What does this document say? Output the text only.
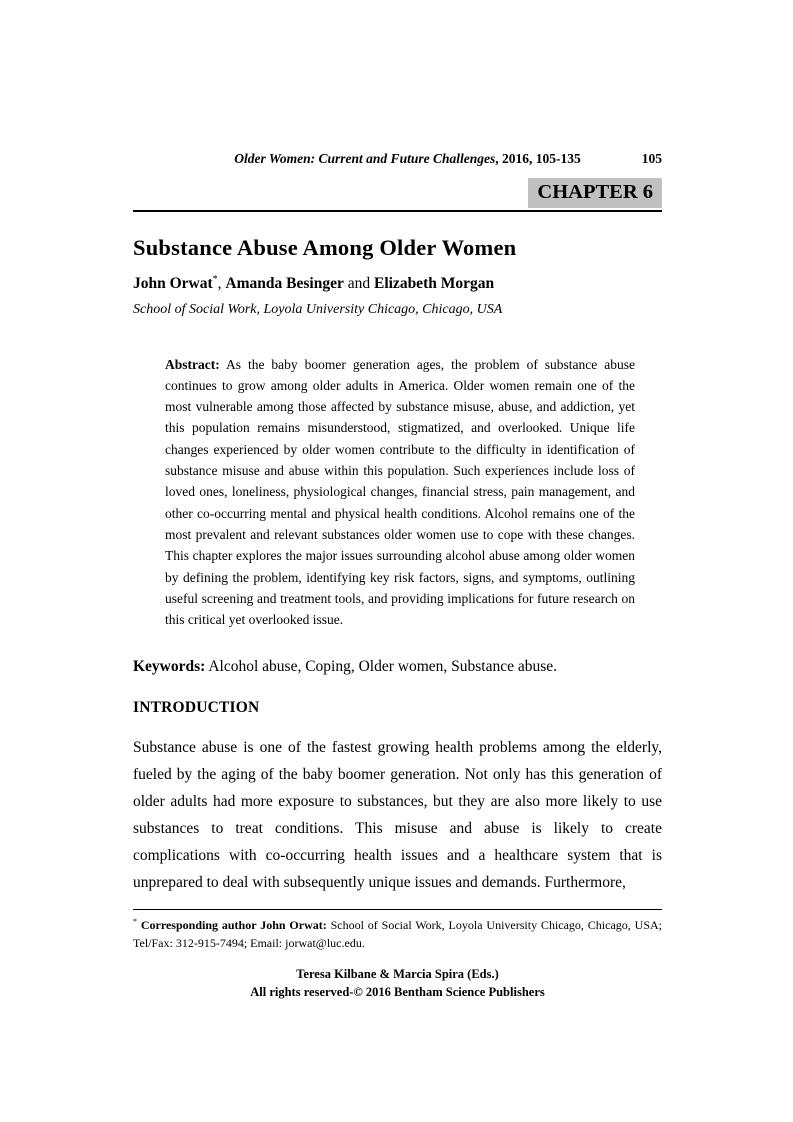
Older Women: Current and Future Challenges, 2016, 105-135	105
CHAPTER 6
Substance Abuse Among Older Women

John Orwat*, Amanda Besinger and Elizabeth Morgan

School of Social Work, Loyola University Chicago, Chicago, USA

Abstract: As the baby boomer generation ages, the problem of substance abuse continues to grow among older adults in America. Older women remain one of the most vulnerable among those affected by substance misuse, abuse, and addiction, yet this population remains misunderstood, stigmatized, and overlooked. Unique life changes experienced by older women contribute to the difficulty in identification of substance misuse and abuse within this population. Such experiences include loss of loved ones, loneliness, physiological changes, financial stress, pain management, and other co-occurring mental and physical health conditions. Alcohol remains one of the most prevalent and relevant substances older women use to cope with these changes. This chapter explores the major issues surrounding alcohol abuse among older women by defining the problem, identifying key risk factors, signs, and symptoms, outlining useful screening and treatment tools, and providing implications for future research on this critical yet overlooked issue.

Keywords: Alcohol abuse, Coping, Older women, Substance abuse.

INTRODUCTION

Substance abuse is one of the fastest growing health problems among the elderly, fueled by the aging of the baby boomer generation. Not only has this generation of older adults had more exposure to substances, but they are also more likely to use substances to treat conditions. This misuse and abuse is likely to create complications with co-occurring health issues and a healthcare system that is unprepared to deal with subsequently unique issues and demands. Furthermore,

* Corresponding author John Orwat: School of Social Work, Loyola University Chicago, Chicago, USA; Tel/Fax: 312-915-7494; Email: jorwat@luc.edu.
Teresa Kilbane & Marcia Spira (Eds.)
All rights reserved-© 2016 Bentham Science Publishers
